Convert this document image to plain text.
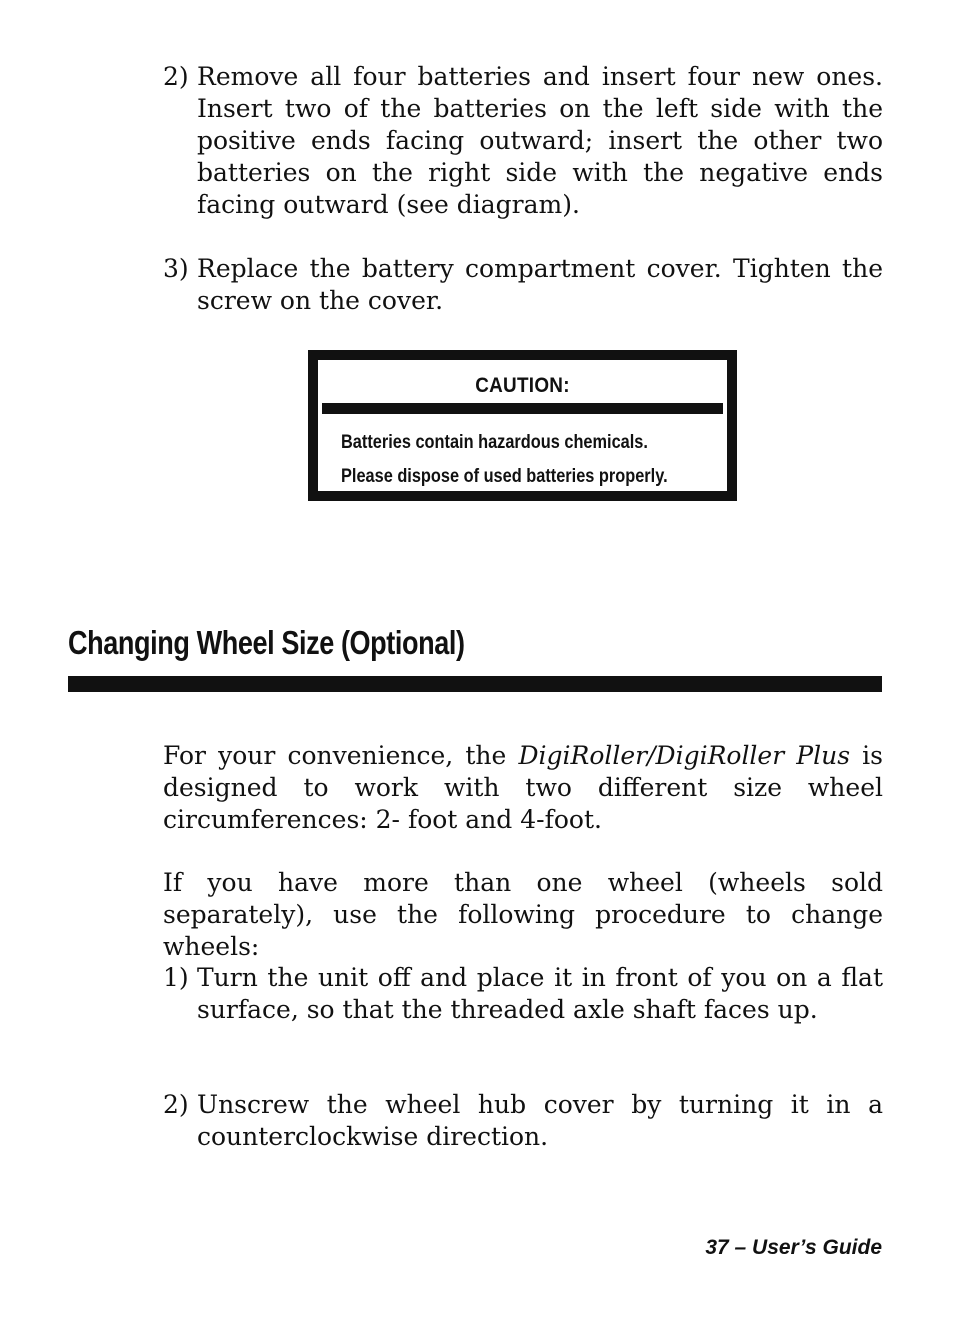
2) Remove all four batteries and insert four new ones. Insert two of the batteries on the left side with the positive ends facing outward; insert the other two batteries on the right side with the negative ends facing outward (see diagram).
3) Replace the battery compartment cover. Tighten the screw on the cover.
CAUTION:
Batteries contain hazardous chemicals.
Please dispose of used batteries properly.
Changing Wheel Size (Optional)
For your convenience, the DigiRoller/DigiRoller Plus is designed to work with two different size wheel circumferences: 2- foot and 4-foot.
If you have more than one wheel (wheels sold separately), use the following procedure to change wheels:
1) Turn the unit off and place it in front of you on a flat surface, so that the threaded axle shaft faces up.
2) Unscrew the wheel hub cover by turning it in a counterclockwise direction.
37 – User’s Guide
